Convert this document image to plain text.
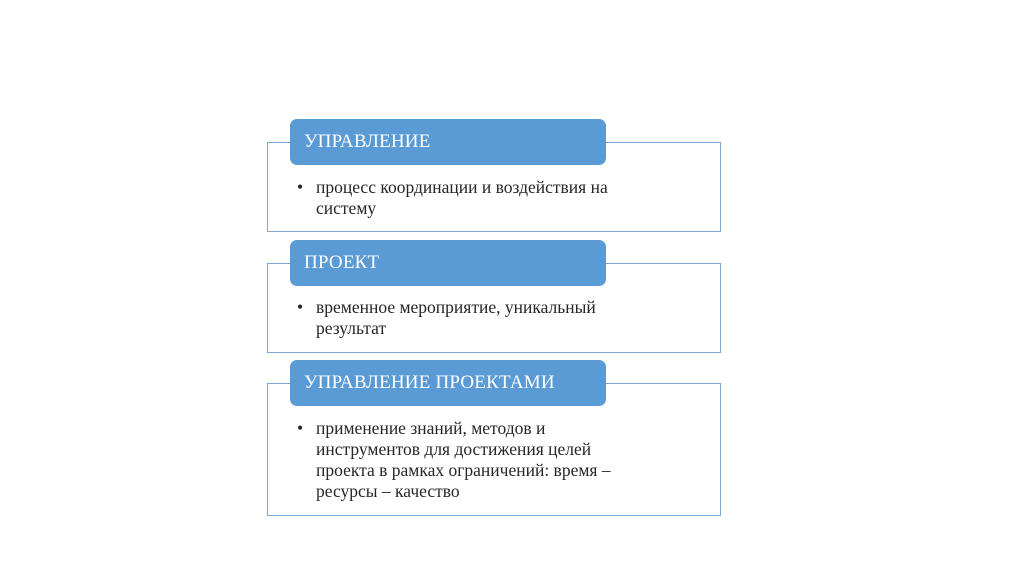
УПРАВЛЕНИЕ
• процесс координации и воздействия на
систему
ПРОЕКТ
• временное мероприятие, уникальный
результат
УПРАВЛЕНИЕ ПРОЕКТАМИ
• применение знаний, методов и
инструментов для достижения целей
проекта в рамках ограничений: время –
ресурсы – качество
